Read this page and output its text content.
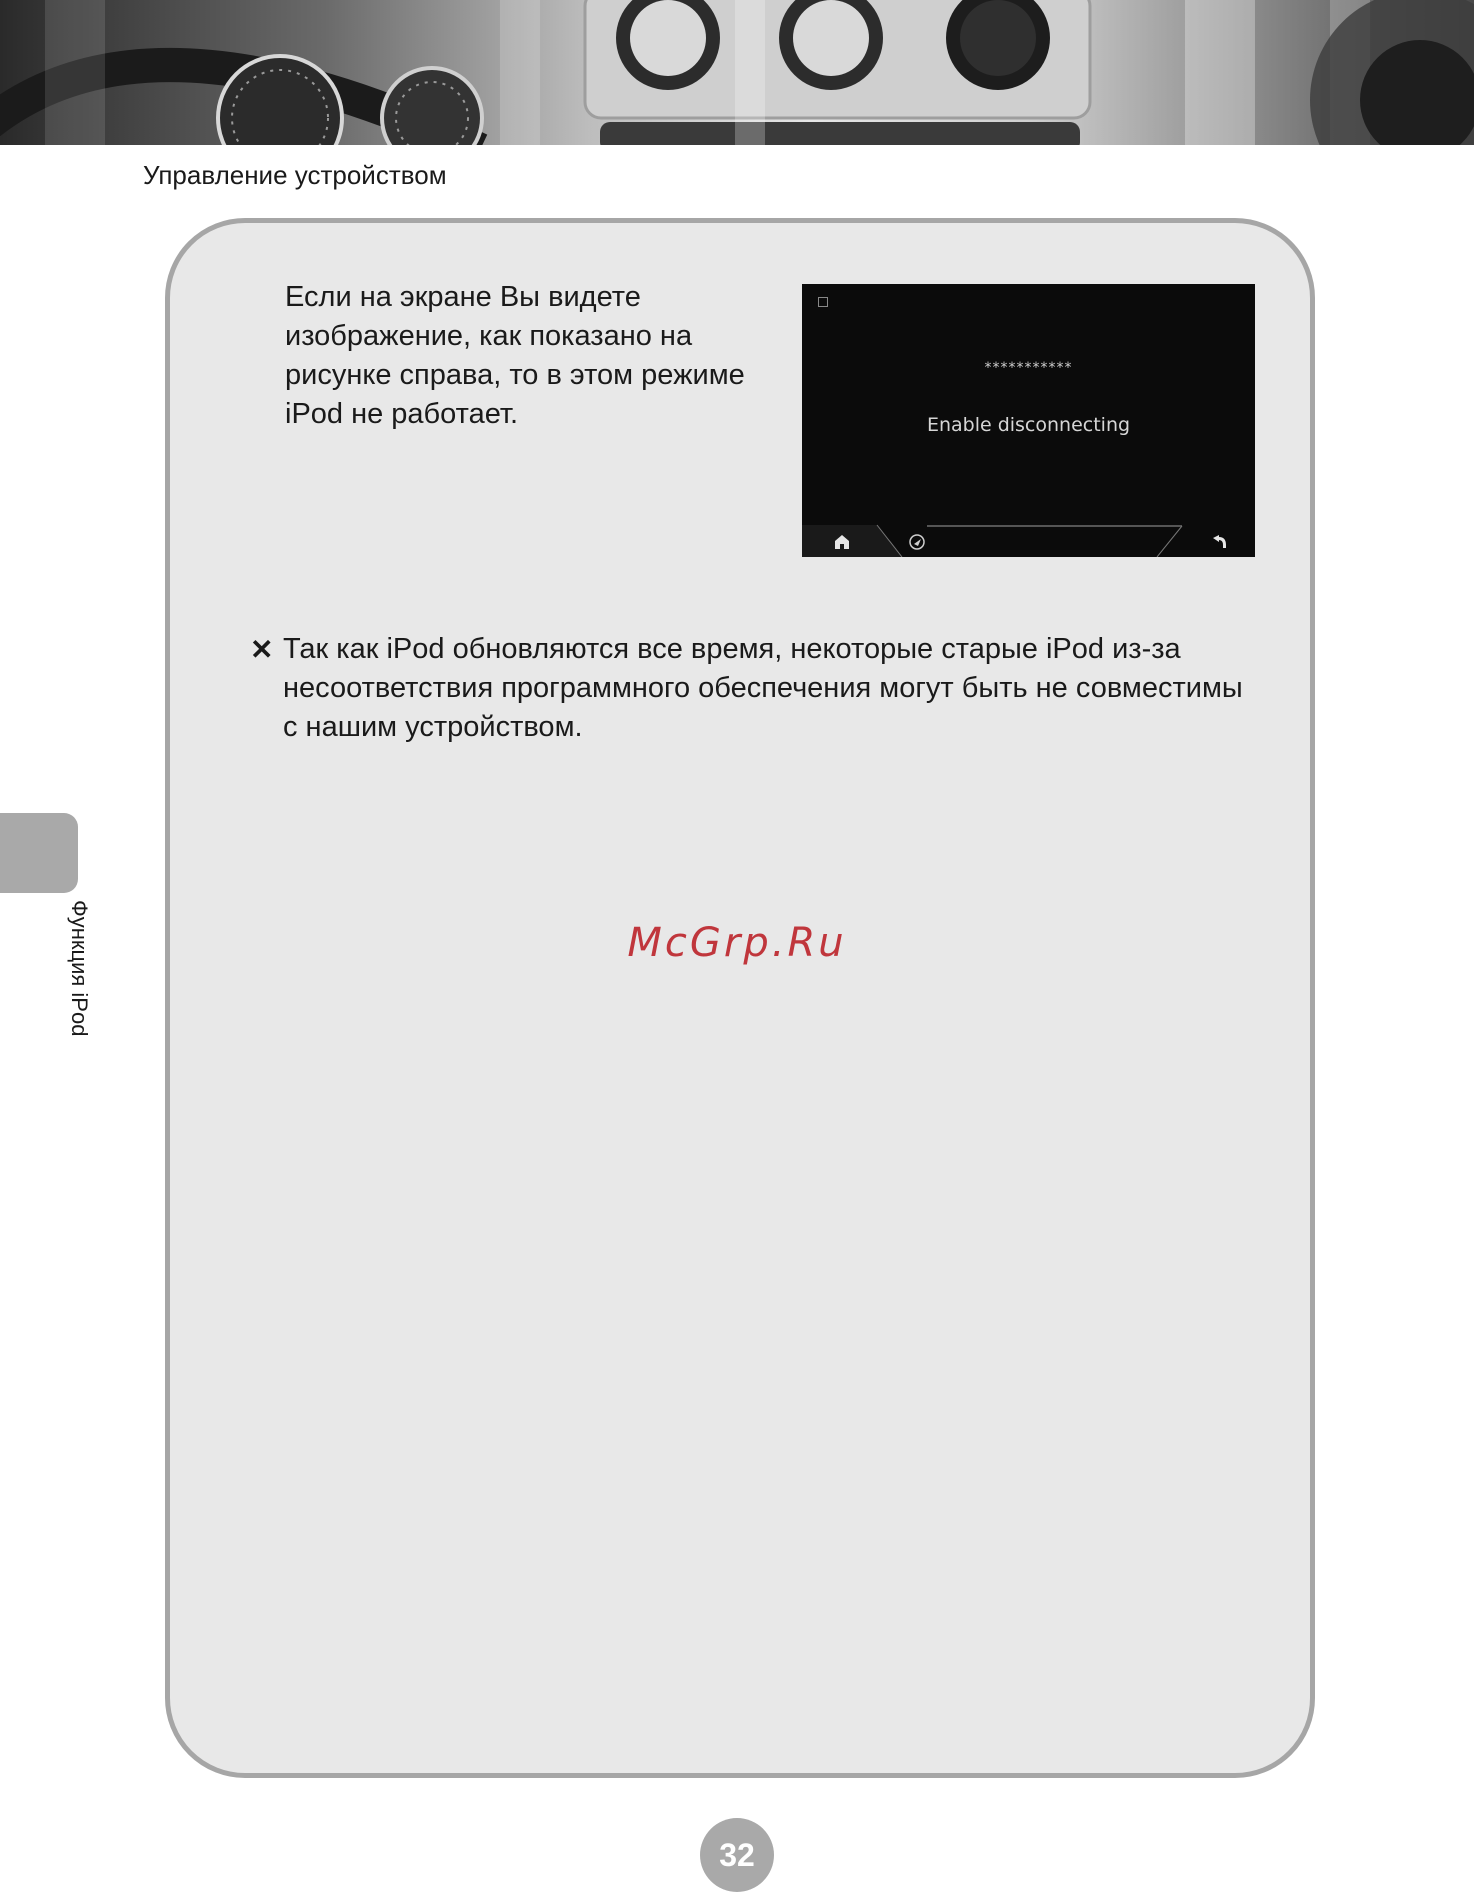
Управление устройством
Если на экране Вы видете изображение, как показано на рисунке справа, то в этом режиме iPod не работает.
***********
Enable disconnecting
✕ Так как iPod обновляются все время, некоторые старые iPod из-за несоответствия программного обеспечения могут быть не совместимы с нашим устройством.
Функция iPod	McGrp.Ru
32
